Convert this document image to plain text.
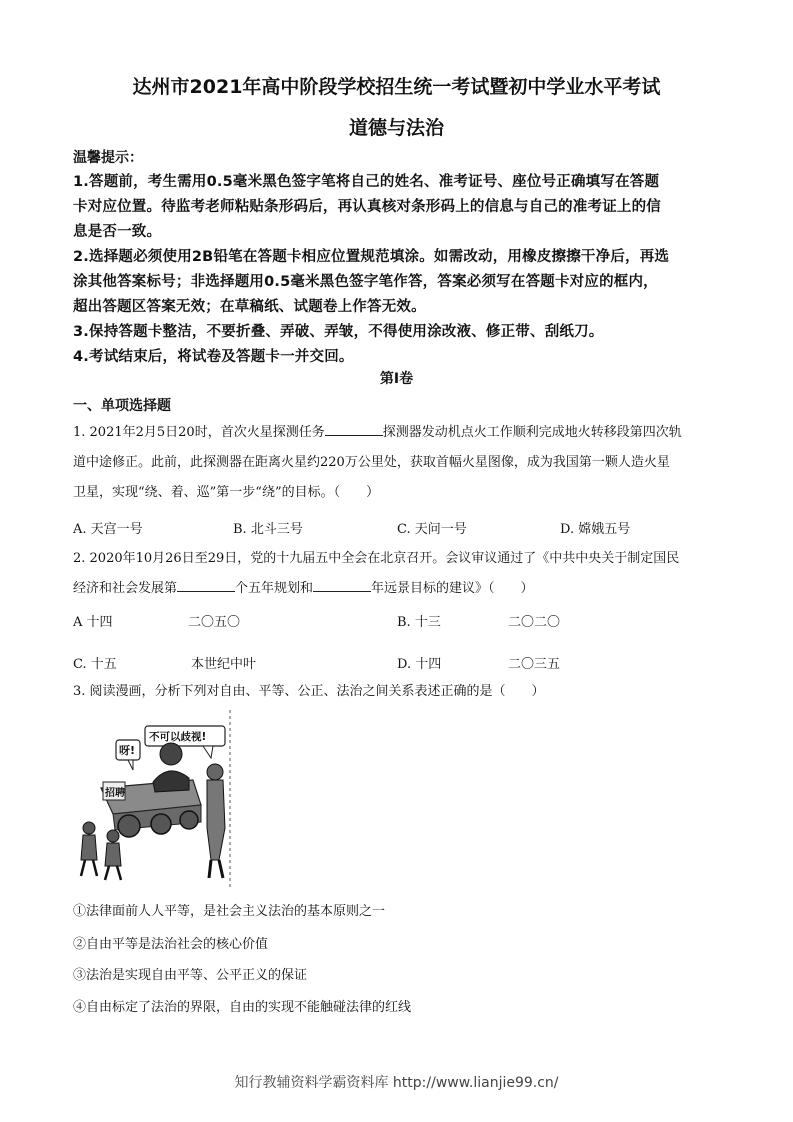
达州市2021年高中阶段学校招生统一考试暨初中学业水平考试
道德与法治
温馨提示：
1.答题前，考生需用0.5毫米黑色签字笔将自己的姓名、准考证号、座位号正确填写在答题
卡对应位置。待监考老师粘贴条形码后，再认真核对条形码上的信息与自己的准考证上的信
息是否一致。
2.选择题必须使用2B铅笔在答题卡相应位置规范填涂。如需改动，用橡皮擦擦干净后，再选
涂其他答案标号；非选择题用0.5毫米黑色签字笔作答，答案必须写在答题卡对应的框内，
超出答题区答案无效；在草稿纸、试题卷上作答无效。
3.保持答题卡整洁，不要折叠、弄破、弄皱，不得使用涂改液、修正带、刮纸刀。
4.考试结束后，将试卷及答题卡一并交回。
第Ⅰ卷
一、单项选择题
1. 2021年2月5日20时，首次火星探测任务	探测器发动机点火工作顺利完成地火转移段第四次轨
道中途修正。此前，此探测器在距离火星约220万公里处，获取首幅火星图像，成为我国第一颗人造火星
卫星，实现“绕、着、巡”第一步“绕”的目标。（　　）
A. 天宫一号	B. 北斗三号	C. 天问一号	D. 嫦娥五号
2. 2020年10月26日至29日，党的十九届五中全会在北京召开。会议审议通过了《中共中央关于制定国民
经济和社会发展第	个五年规划和	年远景目标的建议》（　　）
A 十四	二〇五〇	B. 十三	二〇二〇
C. 十五	本世纪中叶	D. 十四	二〇三五
3. 阅读漫画，分析下列对自由、平等、公正、法治之间关系表述正确的是（　　）
呀!
不可以歧视!
招聘
①法律面前人人平等，是社会主义法治的基本原则之一
②自由平等是法治社会的核心价值
③法治是实现自由平等、公平正义的保证
④自由标定了法治的界限，自由的实现不能触碰法律的红线
知行教辅资料学霸资料库 http://www.lianjie99.cn/
